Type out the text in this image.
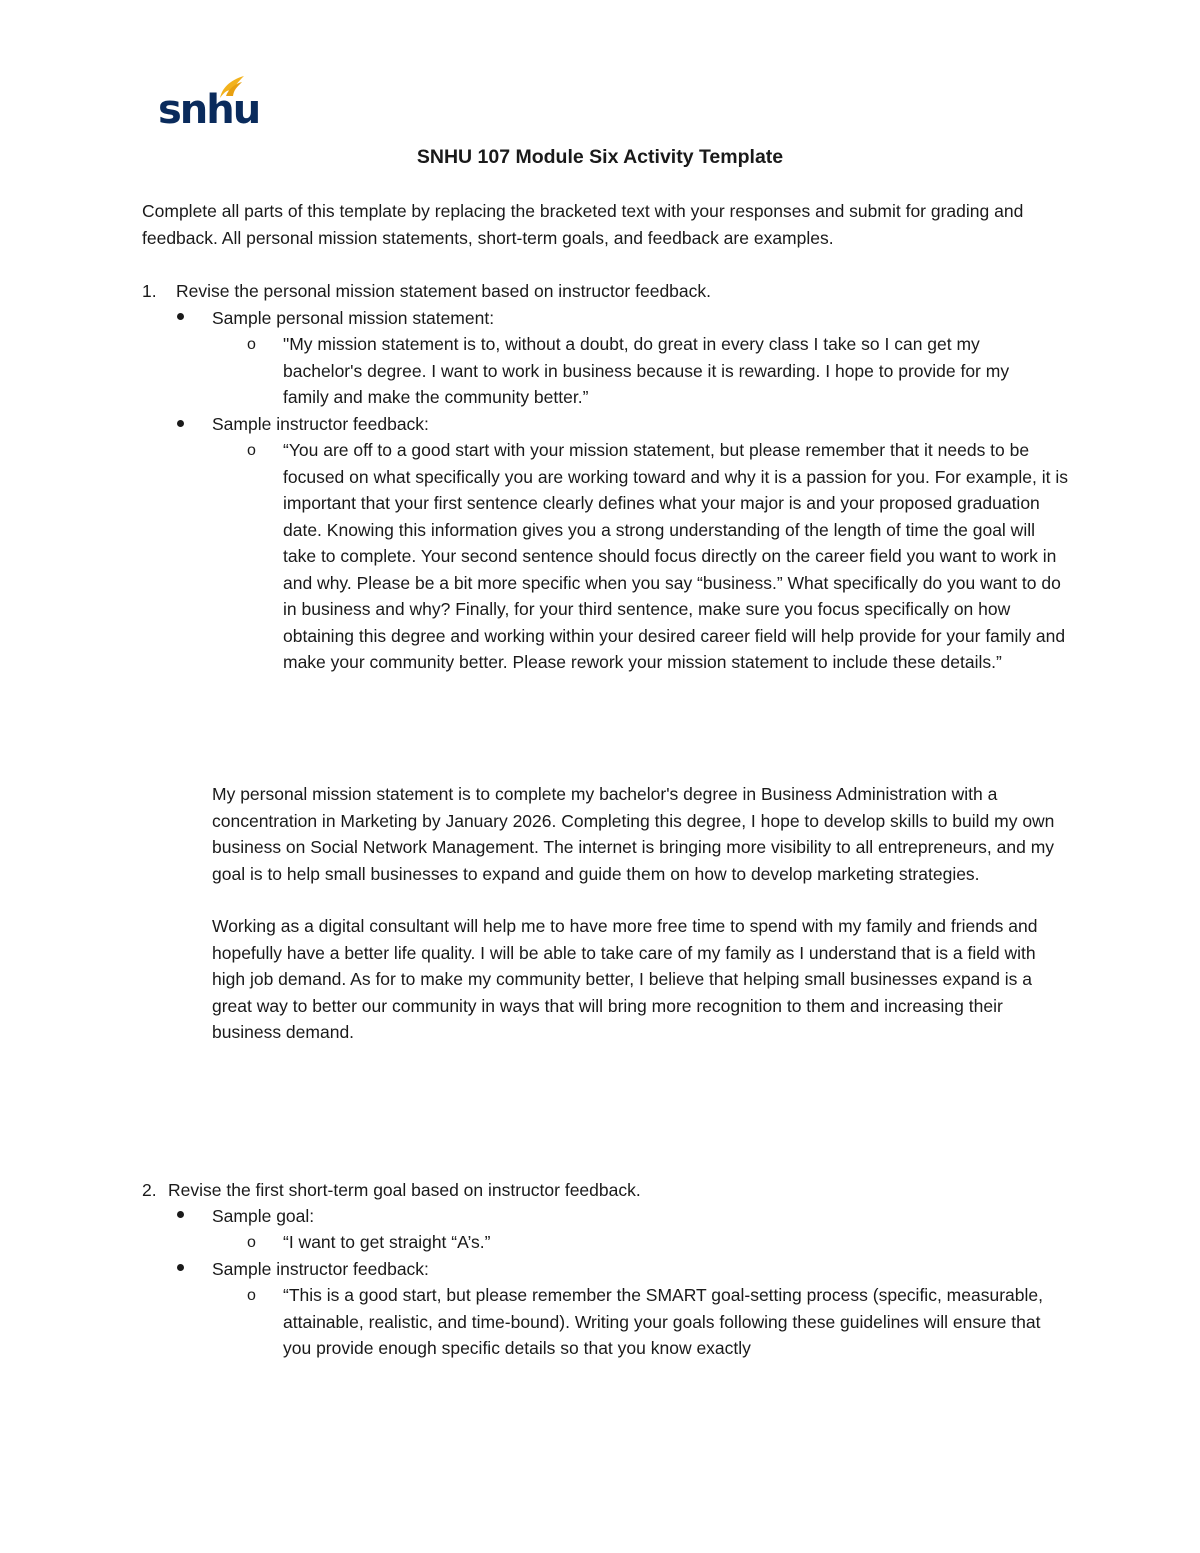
snhu
SNHU 107 Module Six Activity Template
Complete all parts of this template by replacing the bracketed text with your responses and submit for grading and feedback. All personal mission statements, short-term goals, and feedback are examples.
1. Revise the personal mission statement based on instructor feedback.
Sample personal mission statement:
o "My mission statement is to, without a doubt, do great in every class I take so I can get my bachelor's degree. I want to work in business because it is rewarding. I hope to provide for my family and make the community better.”
Sample instructor feedback:
o “You are off to a good start with your mission statement, but please remember that it needs to be focused on what specifically you are working toward and why it is a passion for you. For example, it is important that your first sentence clearly defines what your major is and your proposed graduation date. Knowing this information gives you a strong understanding of the length of time the goal will take to complete. Your second sentence should focus directly on the career field you want to work in and why. Please be a bit more specific when you say “business.” What specifically do you want to do in business and why? Finally, for your third sentence, make sure you focus specifically on how obtaining this degree and working within your desired career field will help provide for your family and make your community better. Please rework your mission statement to include these details.”
My personal mission statement is to complete my bachelor's degree in Business Administration with a concentration in Marketing by January 2026. Completing this degree, I hope to develop skills to build my own business on Social Network Management. The internet is bringing more visibility to all entrepreneurs, and my goal is to help small businesses to expand and guide them on how to develop marketing strategies.
Working as a digital consultant will help me to have more free time to spend with my family and friends and hopefully have a better life quality. I will be able to take care of my family as I understand that is a field with high job demand. As for to make my community better, I believe that helping small businesses expand is a great way to better our community in ways that will bring more recognition to them and increasing their business demand.
2. Revise the first short-term goal based on instructor feedback.
Sample goal:
o “I want to get straight “A’s.”
Sample instructor feedback:
o “This is a good start, but please remember the SMART goal-setting process (specific, measurable, attainable, realistic, and time-bound). Writing your goals following these guidelines will ensure that you provide enough specific details so that you know exactly
